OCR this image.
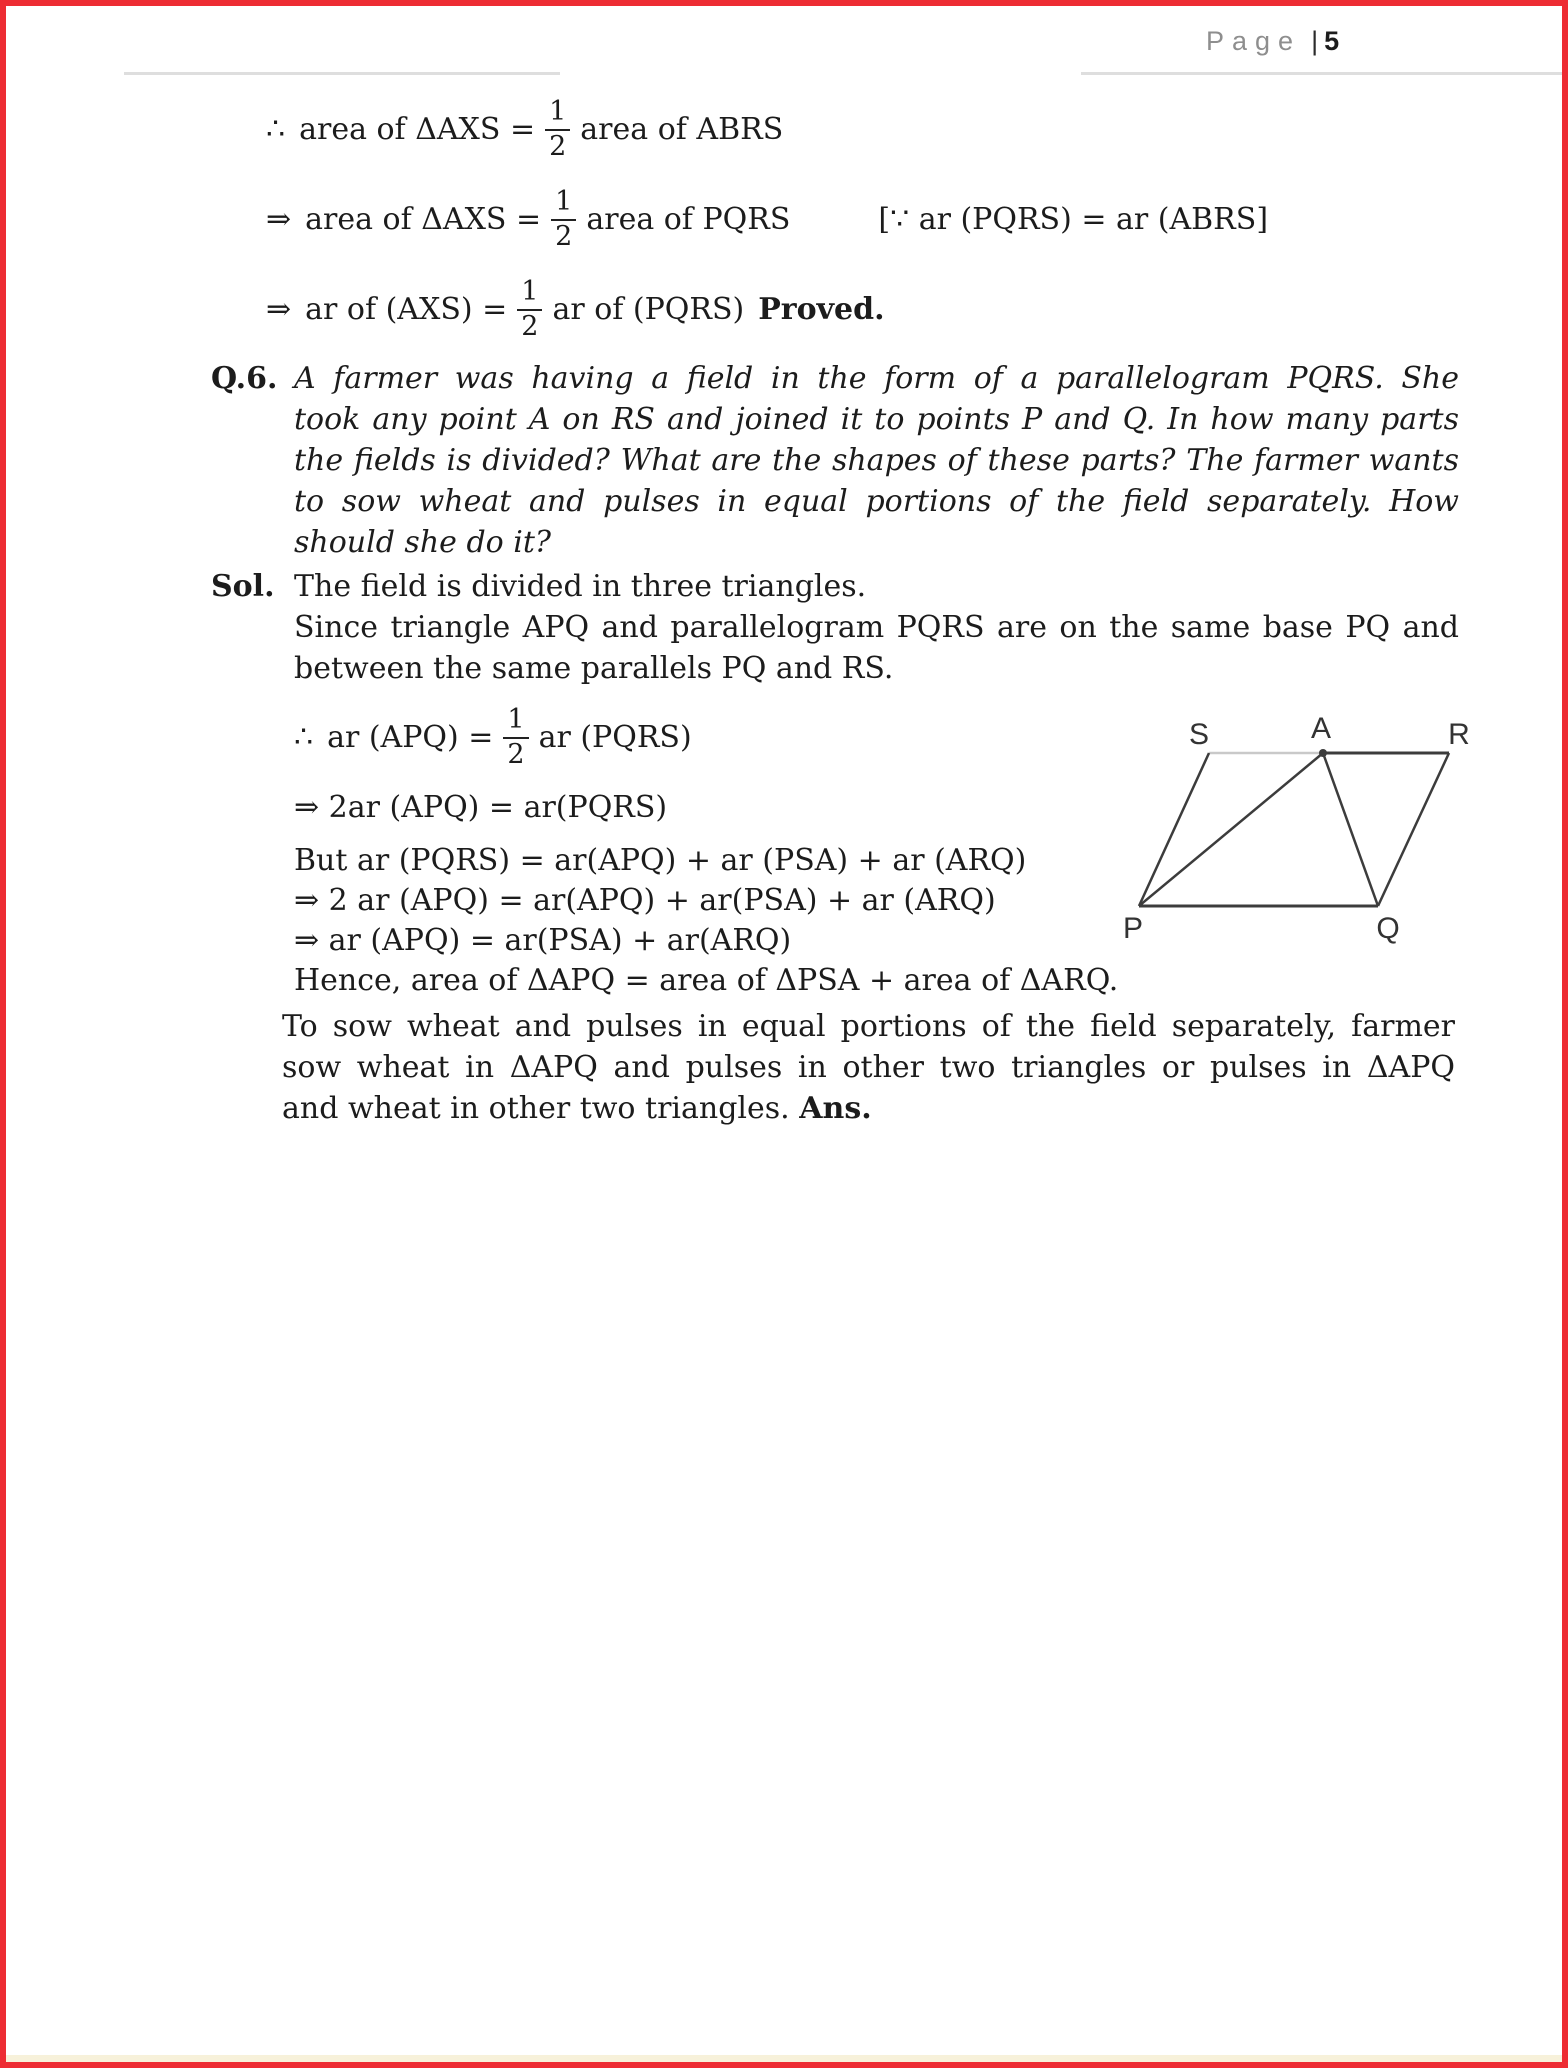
Page | 5
∴ area of $\Delta AXS = \frac{1}{2}$ area of ABRS
⇒ area of $\Delta AXS = \frac{1}{2}$ area of PQRS	[∵ ar (PQRS) = ar (ABRS]
⇒ ar of $(AXS) = \frac{1}{2}$ ar of (PQRS) Proved.
Q.6. A farmer was having a field in the form of a parallelogram PQRS. She
took any point A on RS and joined it to points P and Q. In how many parts
the fields is divided? What are the shapes of these parts? The farmer wants
to sow wheat and pulses in equal portions of the field separately. How
should she do it?
Sol. The field is divided in three triangles.
Since triangle APQ and parallelogram PQRS are on the same base PQ and
between the same parallels PQ and RS.
∴ ar $(APQ) = \frac{1}{2}$ ar (PQRS)
⇒ 2ar (APQ) = ar(PQRS)
But ar (PQRS) = ar(APQ) + ar (PSA) + ar (ARQ)
⇒ 2 ar (APQ) = ar(APQ) + ar(PSA) + ar (ARQ)
⇒ ar (APQ) = ar(PSA) + ar(ARQ)
Hence, area of ΔAPQ = area of ΔPSA + area of ΔARQ.
To sow wheat and pulses in equal portions of the field separately, farmer
sow wheat in ΔAPQ and pulses in other two triangles or pulses in ΔAPQ
and wheat in other two triangles. Ans.
S	A	R
P	Q
